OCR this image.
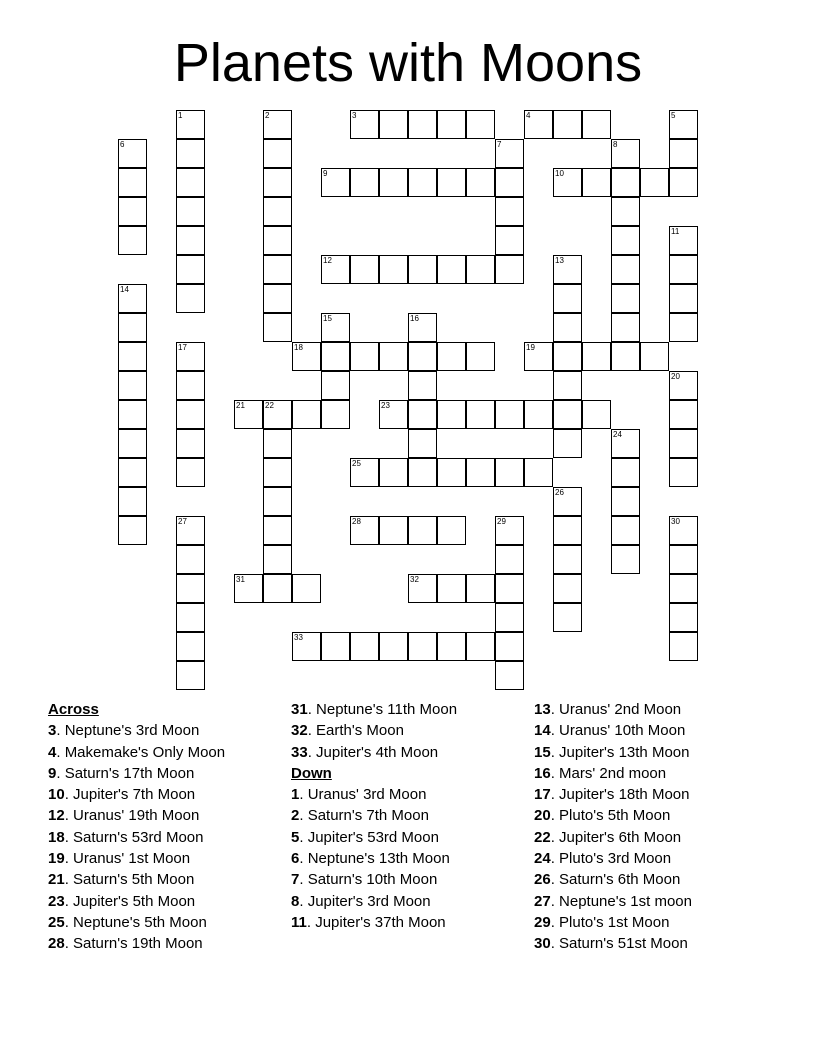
Planets with Moons
1	2	3	4	5
6	7	8
9	10
11
12	13
14
15	16
17	18	19
20
21	22	23
24
25
26
27	28	29	30
31	32
33
Across
3. Neptune's 3rd Moon
4. Makemake's Only Moon
9. Saturn's 17th Moon
10. Jupiter's 7th Moon
12. Uranus' 19th Moon
18. Saturn's 53rd Moon
19. Uranus' 1st Moon
21. Saturn's 5th Moon
23. Jupiter's 5th Moon
25. Neptune's 5th Moon
28. Saturn's 19th Moon
31. Neptune's 11th Moon
32. Earth's Moon
33. Jupiter's 4th Moon
Down
1. Uranus' 3rd Moon
2. Saturn's 7th Moon
5. Jupiter's 53rd Moon
6. Neptune's 13th Moon
7. Saturn's 10th Moon
8. Jupiter's 3rd Moon
11. Jupiter's 37th Moon
13. Uranus' 2nd Moon
14. Uranus' 10th Moon
15. Jupiter's 13th Moon
16. Mars' 2nd moon
17. Jupiter's 18th Moon
20. Pluto's 5th Moon
22. Jupiter's 6th Moon
24. Pluto's 3rd Moon
26. Saturn's 6th Moon
27. Neptune's 1st moon
29. Pluto's 1st Moon
30. Saturn's 51st Moon
